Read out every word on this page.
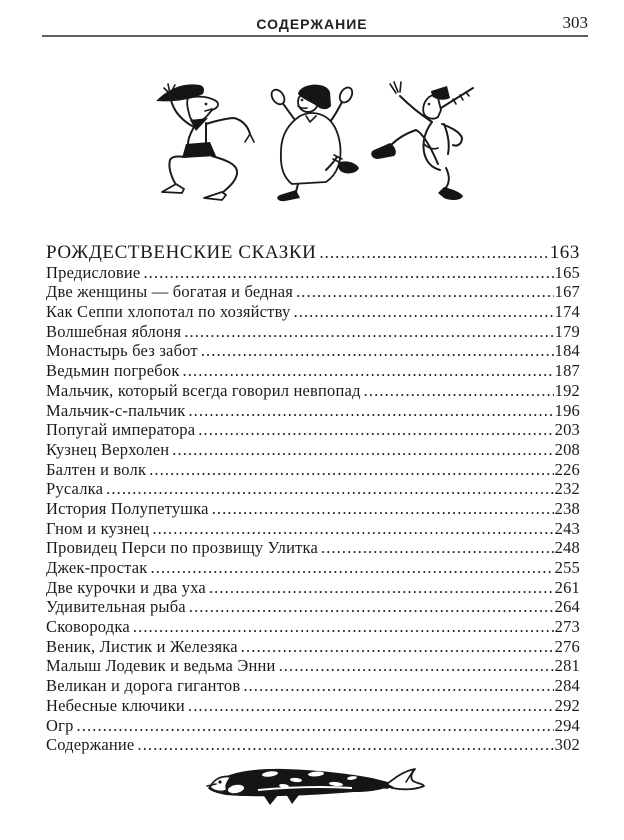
СОДЕРЖАНИЕ	303
РОЖДЕСТВЕНСКИЕ СКАЗКИ .....	163
Предисловие .....	165
Две женщины — богатая и бедная .....	167
Как Сеппи хлопотал по хозяйству .....	174
Волшебная яблоня .....	179
Монастырь без забот .....	184
Ведьмин погребок .....	187
Мальчик, который всегда говорил невпопад .....	192
Мальчик-с-пальчик .....	196
Попугай императора .....	203
Кузнец Верхолен .....	208
Балтен и волк .....	226
Русалка .....	232
История Полупетушка .....	238
Гном и кузнец .....	243
Провидец Перси по прозвищу Улитка .....	248
Джек-простак .....	255
Две курочки и два уха .....	261
Удивительная рыба .....	264
Сковородка .....	273
Веник, Листик и Железяка .....	276
Малыш Лодевик и ведьма Энни .....	281
Великан и дорога гигантов .....	284
Небесные ключики .....	292
Огр .....	294
Содержание .....	302
